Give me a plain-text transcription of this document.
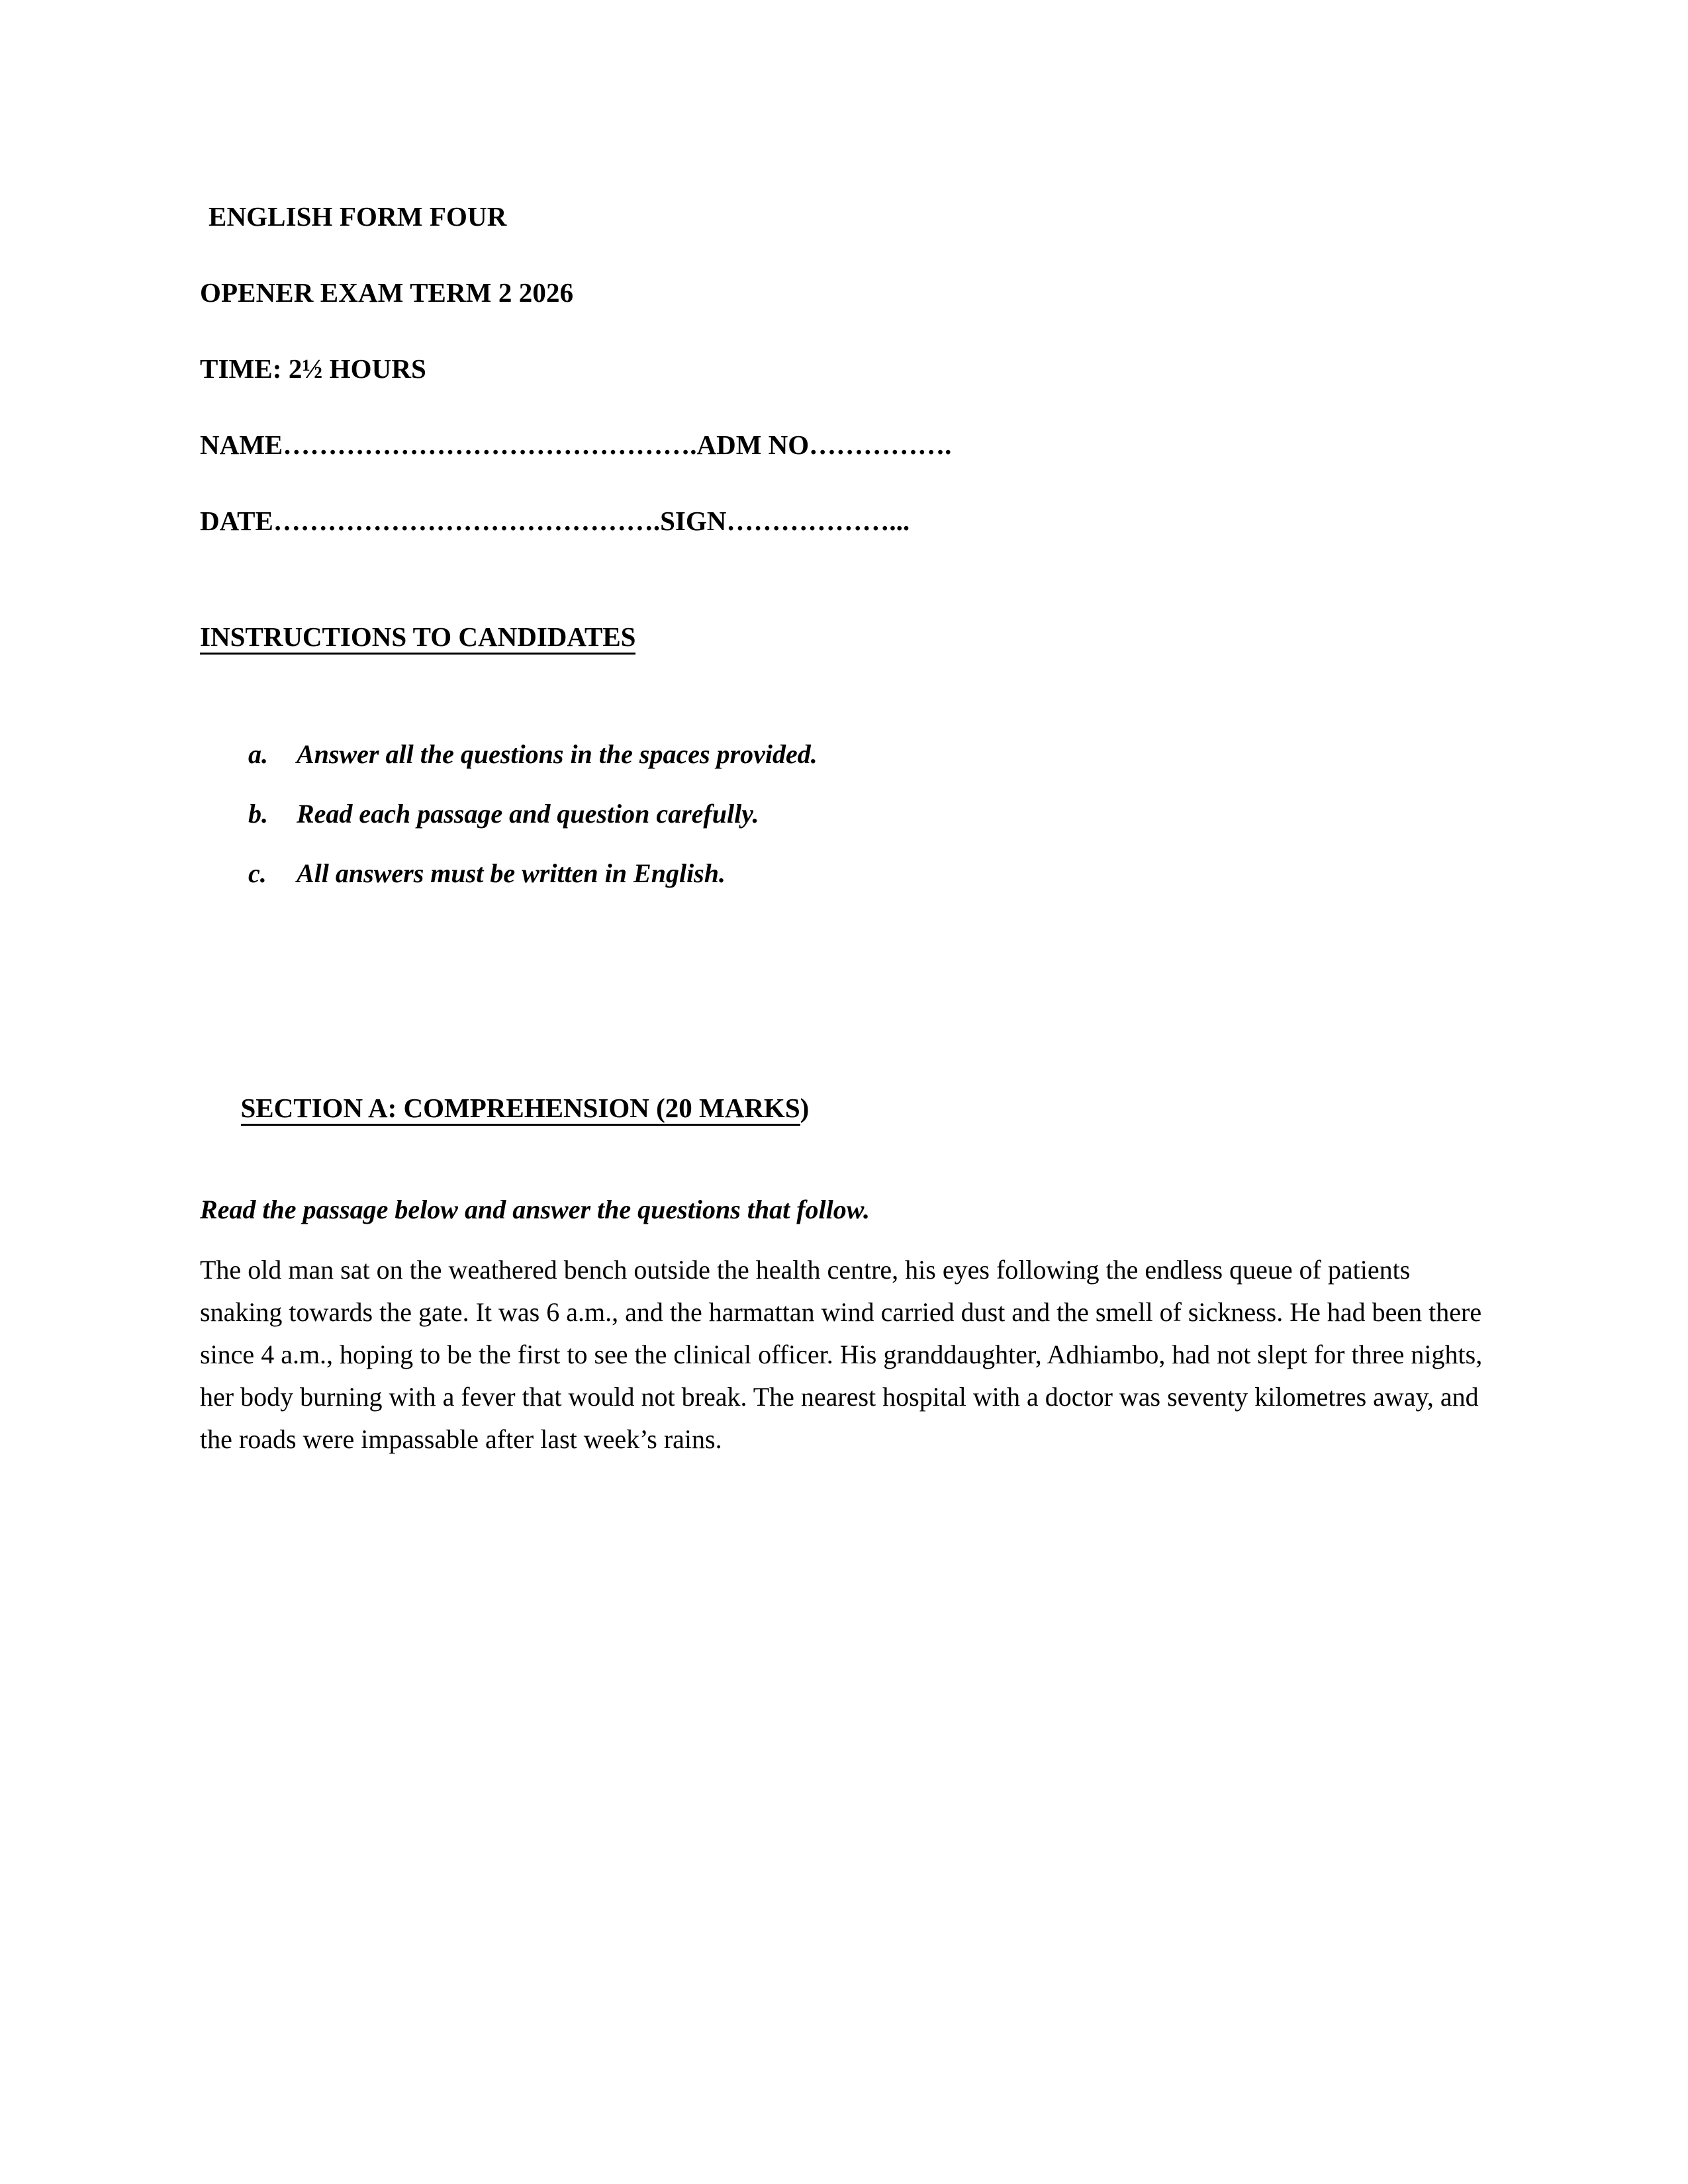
ENGLISH FORM FOUR
OPENER EXAM TERM 2 2026
TIME: 2½ HOURS
NAME……………………………………….ADM NO…………….
DATE…………………………………….SIGN………………...
INSTRUCTIONS TO CANDIDATES
a. Answer all the questions in the spaces provided.
b. Read each passage and question carefully.
c. All answers must be written in English.

SECTION A: COMPREHENSION (20 MARKS)

Read the passage below and answer the questions that follow.
The old man sat on the weathered bench outside the health centre, his eyes following the endless queue of patients snaking towards the gate. It was 6 a.m., and the harmattan wind carried dust and the smell of sickness. He had been there since 4 a.m., hoping to be the first to see the clinical officer. His granddaughter, Adhiambo, had not slept for three nights, her body burning with a fever that would not break. The nearest hospital with a doctor was seventy kilometres away, and the roads were impassable after last week’s rains.
